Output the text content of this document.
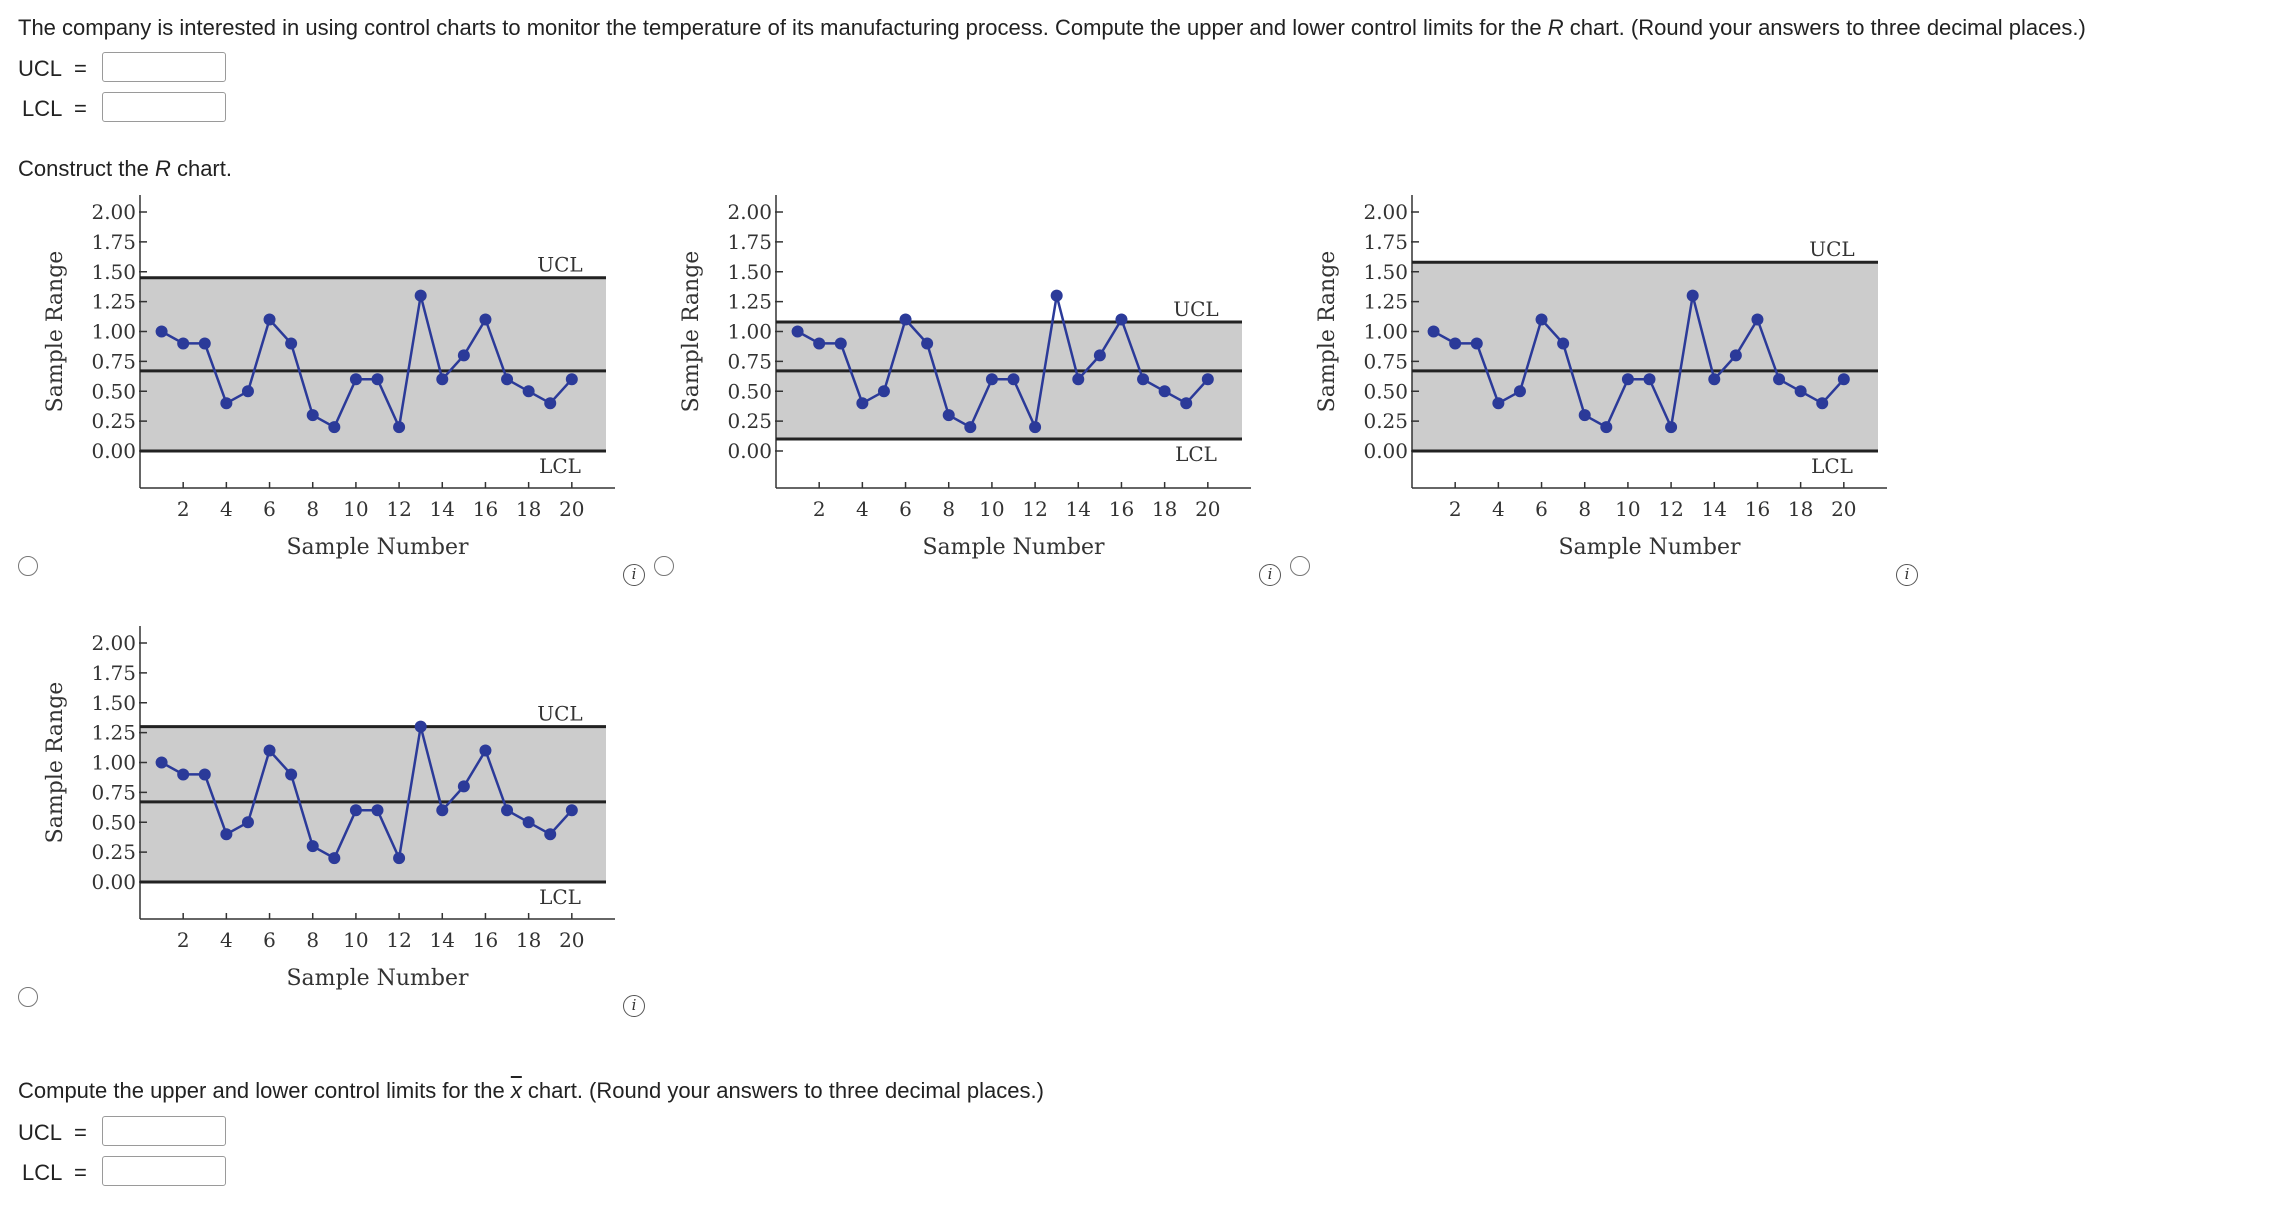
The company is interested in using control charts to monitor the temperature of its manufacturing process. Compute the upper and lower control limits for the R chart. (Round your answers to three decimal places.)
UCL =
LCL =
Construct the R chart.
0.00
0.25
0.50
0.75
1.00
1.25
1.50
1.75
2.00
Sample Range
2 4 6 8 10 12 14 16 18 20
Sample Number
UCL
LCL
i
0.00
0.25
0.50
0.75
1.00
1.25
1.50
1.75
2.00
Sample Range
2 4 6 8 10 12 14 16 18 20
Sample Number
UCL
LCL
i
0.00
0.25
0.50
0.75
1.00
1.25
1.50
1.75
2.00
Sample Range
2 4 6 8 10 12 14 16 18 20
Sample Number
UCL
LCL
i
0.00
0.25
0.50
0.75
1.00
1.25
1.50
1.75
2.00
Sample Range
2 4 6 8 10 12 14 16 18 20
Sample Number
UCL
LCL
i
Compute the upper and lower control limits for the $\overline{x}$ chart. (Round your answers to three decimal places.)
UCL =
LCL =
